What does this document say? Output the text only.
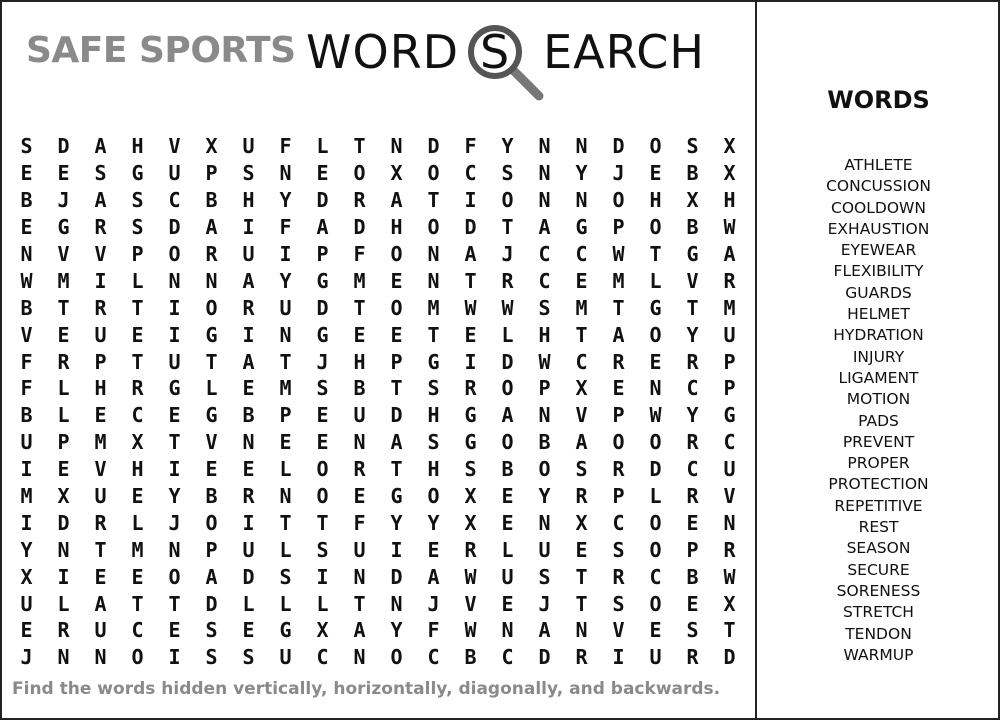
SAFE SPORTS WORD S EARCH
S	D	A	H	V	X	U	F	L	T	N	D	F	Y	N	N	D	O	S	X
E	E	S	G	U	P	S	N	E	O	X	O	C	S	N	Y	J	E	B	X
B	J	A	S	C	B	H	Y	D	R	A	T	I	O	N	N	O	H	X	H
E	G	R	S	D	A	I	F	A	D	H	O	D	T	A	G	P	O	B	W
N	V	V	P	O	R	U	I	P	F	O	N	A	J	C	C	W	T	G	A
W	M	I	L	N	N	A	Y	G	M	E	N	T	R	C	E	M	L	V	R
B	T	R	T	I	O	R	U	D	T	O	M	W	W	S	M	T	G	T	M
V	E	U	E	I	G	I	N	G	E	E	T	E	L	H	T	A	O	Y	U
F	R	P	T	U	T	A	T	J	H	P	G	I	D	W	C	R	E	R	P
F	L	H	R	G	L	E	M	S	B	T	S	R	O	P	X	E	N	C	P
B	L	E	C	E	G	B	P	E	U	D	H	G	A	N	V	P	W	Y	G
U	P	M	X	T	V	N	E	E	N	A	S	G	O	B	A	O	O	R	C
I	E	V	H	I	E	E	L	O	R	T	H	S	B	O	S	R	D	C	U
M	X	U	E	Y	B	R	N	O	E	G	O	X	E	Y	R	P	L	R	V
I	D	R	L	J	O	I	T	T	F	Y	Y	X	E	N	X	C	O	E	N
Y	N	T	M	N	P	U	L	S	U	I	E	R	L	U	E	S	O	P	R
X	I	E	E	O	A	D	S	I	N	D	A	W	U	S	T	R	C	B	W
U	L	A	T	T	D	L	L	L	T	N	J	V	E	J	T	S	O	E	X
E	R	U	C	E	S	E	G	X	A	Y	F	W	N	A	N	V	E	S	T
J	N	N	O	I	S	S	U	C	N	O	C	B	C	D	R	I	U	R	D
Find the words hidden vertically, horizontally, diagonally, and backwards.
WORDS
ATHLETE
CONCUSSION
COOLDOWN
EXHAUSTION
EYEWEAR
FLEXIBILITY
GUARDS
HELMET
HYDRATION
INJURY
LIGAMENT
MOTION
PADS
PREVENT
PROPER
PROTECTION
REPETITIVE
REST
SEASON
SECURE
SORENESS
STRETCH
TENDON
WARMUP
